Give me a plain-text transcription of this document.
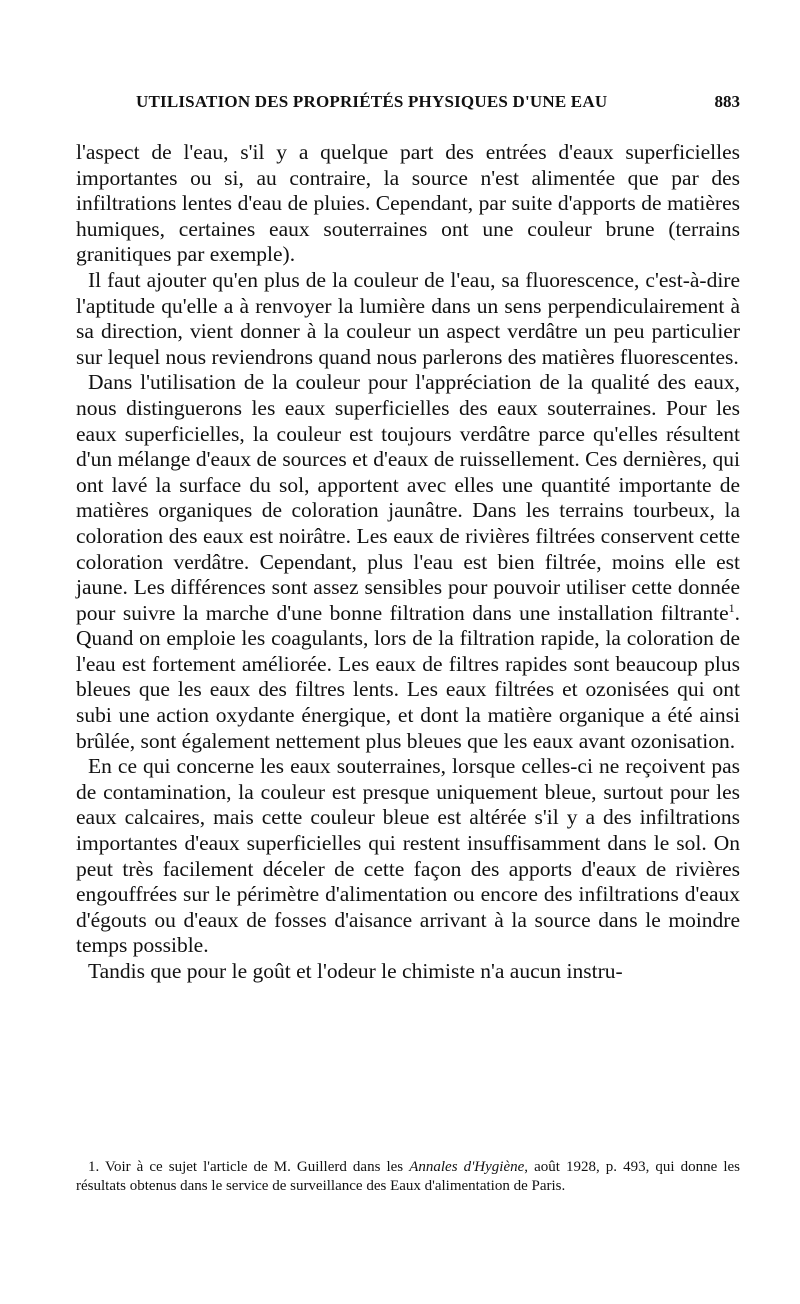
UTILISATION DES PROPRIÉTÉS PHYSIQUES D'UNE EAU	883

l'aspect de l'eau, s'il y a quelque part des entrées d'eaux superficielles importantes ou si, au contraire, la source n'est alimentée que par des infiltrations lentes d'eau de pluies. Cependant, par suite d'apports de matières humiques, certaines eaux souterraines ont une couleur brune (terrains granitiques par exemple).

Il faut ajouter qu'en plus de la couleur de l'eau, sa fluorescence, c'est-à-dire l'aptitude qu'elle a à renvoyer la lumière dans un sens perpendiculairement à sa direction, vient donner à la couleur un aspect verdâtre un peu particulier sur lequel nous reviendrons quand nous parlerons des matières fluorescentes.

Dans l'utilisation de la couleur pour l'appréciation de la qualité des eaux, nous distinguerons les eaux superficielles des eaux souterraines. Pour les eaux superficielles, la couleur est toujours verdâtre parce qu'elles résultent d'un mélange d'eaux de sources et d'eaux de ruissellement. Ces dernières, qui ont lavé la surface du sol, apportent avec elles une quantité importante de matières organiques de coloration jaunâtre. Dans les terrains tourbeux, la coloration des eaux est noirâtre. Les eaux de rivières filtrées conservent cette coloration verdâtre. Cependant, plus l'eau est bien filtrée, moins elle est jaune. Les différences sont assez sensibles pour pouvoir utiliser cette donnée pour suivre la marche d'une bonne filtration dans une installation filtrante$^1$. Quand on emploie les coagulants, lors de la filtration rapide, la coloration de l'eau est fortement améliorée. Les eaux de filtres rapides sont beaucoup plus bleues que les eaux des filtres lents. Les eaux filtrées et ozonisées qui ont subi une action oxydante énergique, et dont la matière organique a été ainsi brûlée, sont également nettement plus bleues que les eaux avant ozonisation.

En ce qui concerne les eaux souterraines, lorsque celles-ci ne reçoivent pas de contamination, la couleur est presque uniquement bleue, surtout pour les eaux calcaires, mais cette couleur bleue est altérée s'il y a des infiltrations importantes d'eaux superficielles qui restent insuffisamment dans le sol. On peut très facilement déceler de cette façon des apports d'eaux de rivières engouffrées sur le périmètre d'alimentation ou encore des infiltrations d'eaux d'égouts ou d'eaux de fosses d'aisance arrivant à la source dans le moindre temps possible.

Tandis que pour le goût et l'odeur le chimiste n'a aucun instru-

1. Voir à ce sujet l'article de M. Guillerd dans les Annales d'Hygiène, août 1928, p. 493, qui donne les résultats obtenus dans le service de surveillance des Eaux d'alimentation de Paris.
